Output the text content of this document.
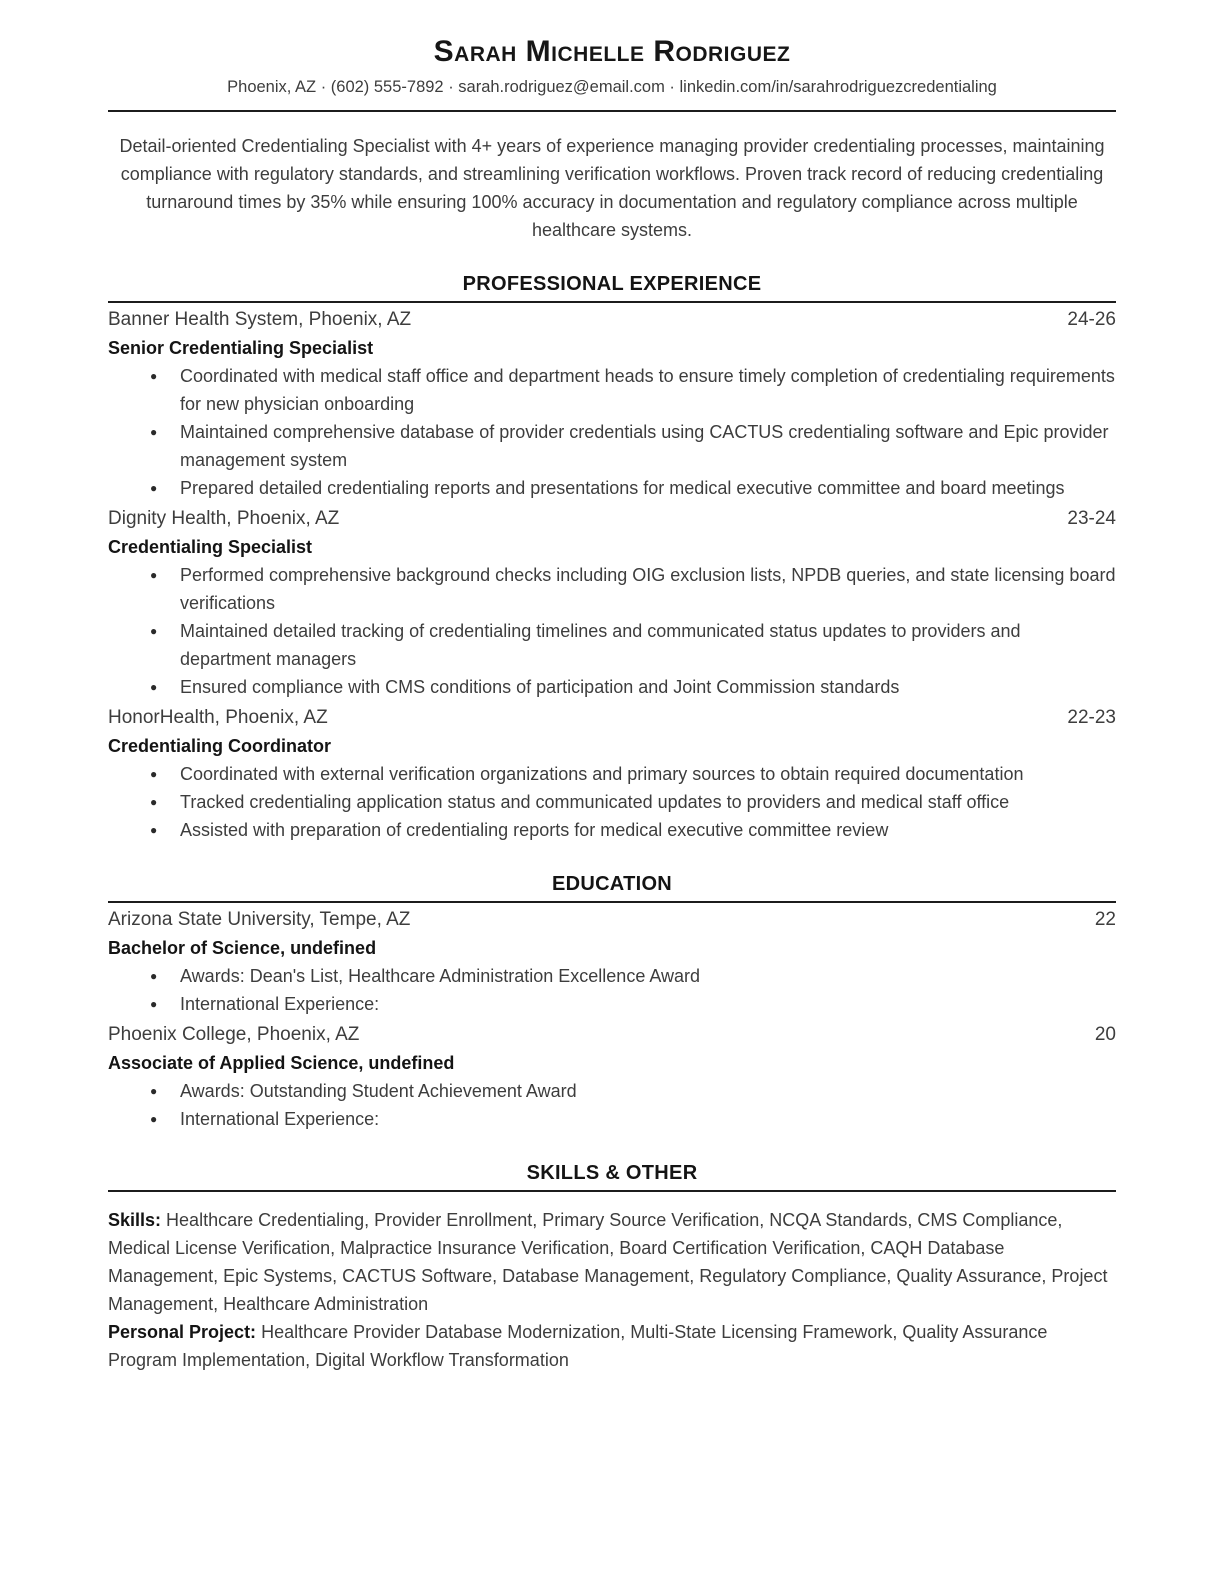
Sarah Michelle Rodriguez
Phoenix, AZ · (602) 555-7892 · sarah.rodriguez@email.com · linkedin.com/in/sarahrodriguezcredentialing

Detail-oriented Credentialing Specialist with 4+ years of experience managing provider credentialing processes, maintaining compliance with regulatory standards, and streamlining verification workflows. Proven track record of reducing credentialing turnaround times by 35% while ensuring 100% accuracy in documentation and regulatory compliance across multiple healthcare systems.

PROFESSIONAL EXPERIENCE
Banner Health System, Phoenix, AZ	24-26
Senior Credentialing Specialist
● Coordinated with medical staff office and department heads to ensure timely completion of credentialing requirements for new physician onboarding
● Maintained comprehensive database of provider credentials using CACTUS credentialing software and Epic provider management system
● Prepared detailed credentialing reports and presentations for medical executive committee and board meetings
Dignity Health, Phoenix, AZ	23-24
Credentialing Specialist
● Performed comprehensive background checks including OIG exclusion lists, NPDB queries, and state licensing board verifications
● Maintained detailed tracking of credentialing timelines and communicated status updates to providers and department managers
● Ensured compliance with CMS conditions of participation and Joint Commission standards
HonorHealth, Phoenix, AZ	22-23
Credentialing Coordinator
● Coordinated with external verification organizations and primary sources to obtain required documentation
● Tracked credentialing application status and communicated updates to providers and medical staff office
● Assisted with preparation of credentialing reports for medical executive committee review
EDUCATION
Arizona State University, Tempe, AZ	22
Bachelor of Science, undefined
● Awards: Dean's List, Healthcare Administration Excellence Award
● International Experience:
Phoenix College, Phoenix, AZ	20
Associate of Applied Science, undefined
● Awards: Outstanding Student Achievement Award
● International Experience:
SKILLS & OTHER

Skills: Healthcare Credentialing, Provider Enrollment, Primary Source Verification, NCQA Standards, CMS Compliance, Medical License Verification, Malpractice Insurance Verification, Board Certification Verification, CAQH Database Management, Epic Systems, CACTUS Software, Database Management, Regulatory Compliance, Quality Assurance, Project Management, Healthcare Administration

Personal Project: Healthcare Provider Database Modernization, Multi-State Licensing Framework, Quality Assurance Program Implementation, Digital Workflow Transformation
